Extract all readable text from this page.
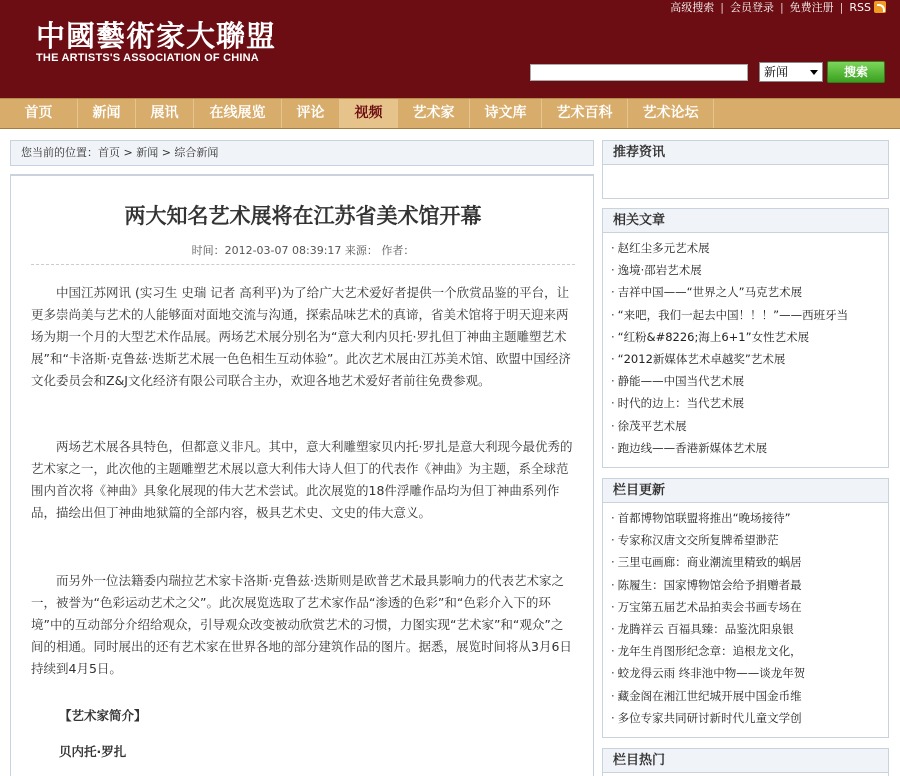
中國藝術家大聯盟
THE ARTISTS'S ASSOCIATION OF CHINA
高级搜索 | 会员登录 | 免费注册 | RSS
新闻	搜索
首页	新闻	展讯	在线展览	评论	视频	艺术家	诗文库	艺术百科	艺术论坛
您当前的位置：首页 > 新闻 > 综合新闻
两大知名艺术展将在江苏省美术馆开幕
时间：2012-03-07 08:39:17 来源： 作者：
中国江苏网讯 (实习生 史瑞 记者 高利平)为了给广大艺术爱好者提供一个欣赏品鉴的平台，让更多崇尚美与艺术的人能够面对面地交流与沟通，探索品味艺术的真谛，省美术馆将于明天迎来两场为期一个月的大型艺术作品展。两场艺术展分别名为“意大利内贝托·罗扎但丁神曲主题雕塑艺术展”和“卡洛斯·克鲁兹·迭斯艺术展一色色相生互动体验”。此次艺术展由江苏美术馆、欧盟中国经济文化委员会和Z&J文化经济有限公司联合主办，欢迎各地艺术爱好者前往免费参观。
两场艺术展各具特色，但都意义非凡。其中，意大利雕塑家贝内托·罗扎是意大利现今最优秀的艺术家之一，此次他的主题雕塑艺术展以意大利伟大诗人但丁的代表作《神曲》为主题，系全球范围内首次将《神曲》具象化展现的伟大艺术尝试。此次展览的18件浮雕作品均为但丁神曲系列作品，描绘出但丁神曲地狱篇的全部内容，极具艺术史、文史的伟大意义。
而另外一位法籍委内瑞拉艺术家卡洛斯·克鲁兹·迭斯则是欧普艺术最具影响力的代表艺术家之一，被誉为“色彩运动艺术之父”。此次展览选取了艺术家作品“渗透的色彩”和“色彩介入下的环境”中的互动部分介绍给观众，引导观众改变被动欣赏艺术的习惯，力图实现“艺术家”和“观众”之间的相通。同时展出的还有艺术家在世界各地的部分建筑作品的图片。据悉，展览时间将从3月6日持续到4月5日。
【艺术家简介】
贝内托·罗扎
推荐资讯
相关文章
· 赵红尘多元艺术展
· 逸境·邵岩艺术展
· 吉祥中国——“世界之人”马克艺术展
· “来吧，我们一起去中国！！！”——西班牙当
· “红粉&#8226;海上6+1”女性艺术展
· “2012新媒体艺术卓越奖”艺术展
· 静能——中国当代艺术展
· 时代的边上：当代艺术展
· 徐茂平艺术展
· 跑边线——香港新媒体艺术展
栏目更新
· 首都博物馆联盟将推出“晚场接待”
· 专家称汉唐文交所复牌希望渺茫
· 三里屯画廊：商业潮流里精致的蜗居
· 陈履生：国家博物馆会给予捐赠者最
· 万宝第五届艺术品拍卖会书画专场在
· 龙腾祥云 百福具臻：品鉴沈阳泉银
· 龙年生肖图形纪念章：追根龙文化，
· 蛟龙得云雨 终非池中物——谈龙年贺
· 藏金阁在湘江世纪城开展中国金币维
· 多位专家共同研讨新时代儿童文学创
栏目热门
